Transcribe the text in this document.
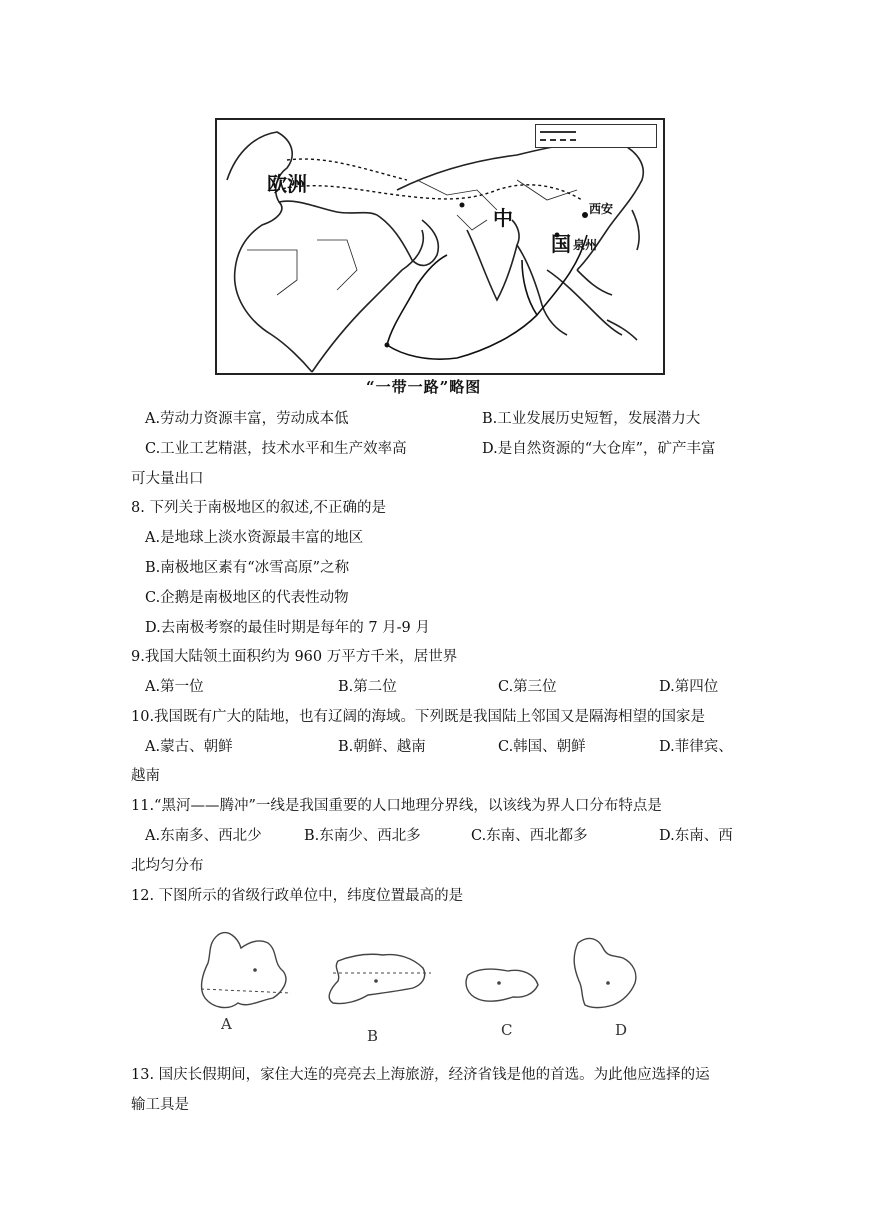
欧洲
中
国
西安
泉州
“一带一路”略图
A.劳动力资源丰富，劳动成本低	B.工业发展历史短暂，发展潜力大
C.工业工艺精湛，技术水平和生产效率高	D.是自然资源的“大仓库”，矿产丰富
可大量出口
8. 下列关于南极地区的叙述,不正确的是
A.是地球上淡水资源最丰富的地区
B.南极地区素有“冰雪高原”之称
C.企鹅是南极地区的代表性动物
D.去南极考察的最佳时期是每年的 7 月-9 月
9.我国大陆领土面积约为 960 万平方千米，居世界
A.第一位	B.第二位	C.第三位	D.第四位
10.我国既有广大的陆地，也有辽阔的海域。下列既是我国陆上邻国又是隔海相望的国家是
A.蒙古、朝鲜	B.朝鲜、越南	C.韩国、朝鲜	D.菲律宾、
越南
11.“黑河——腾冲”一线是我国重要的人口地理分界线，以该线为界人口分布特点是
A.东南多、西北少	B.东南少、西北多	C.东南、西北都多	D.东南、西
北均匀分布
12. 下图所示的省级行政单位中，纬度位置最高的是
A
B	C	D
13. 国庆长假期间，家住大连的亮亮去上海旅游，经济省钱是他的首选。为此他应选择的运
输工具是
